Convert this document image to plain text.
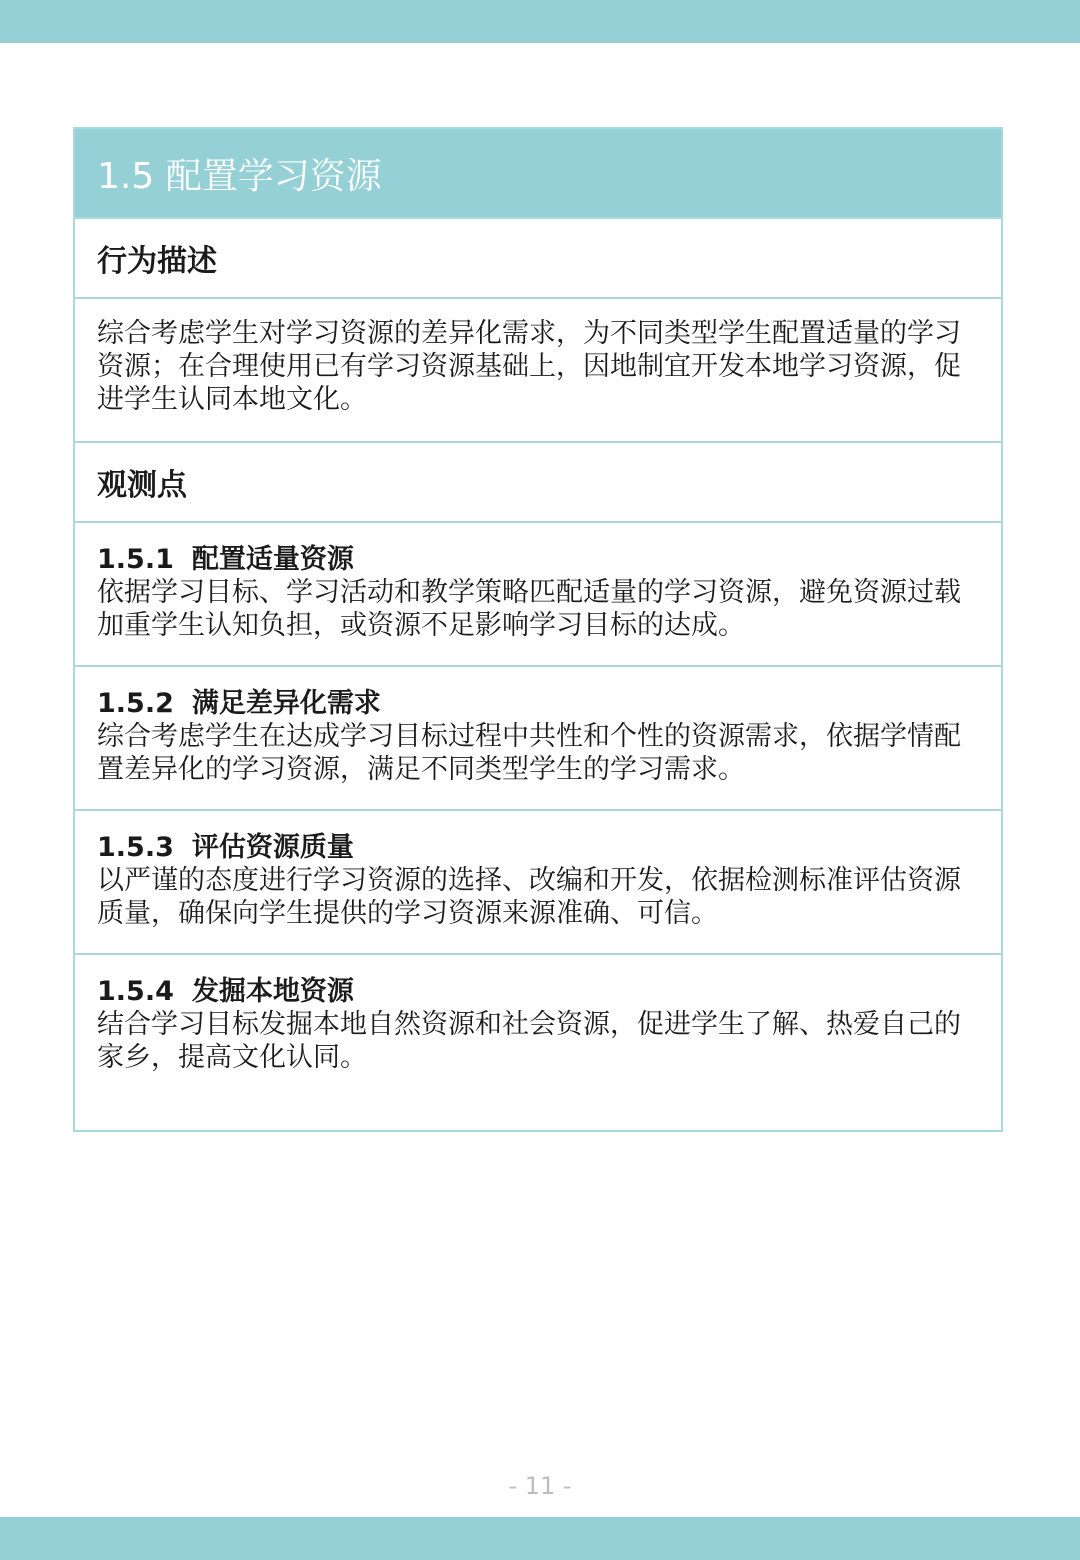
1.5 配置学习资源
行为描述
综合考虑学生对学习资源的差异化需求，为不同类型学生配置适量的学习资源；在合理使用已有学习资源基础上，因地制宜开发本地学习资源，促进学生认同本地文化。
观测点
1.5.1 配置适量资源
依据学习目标、学习活动和教学策略匹配适量的学习资源，避免资源过载加重学生认知负担，或资源不足影响学习目标的达成。
1.5.2 满足差异化需求
综合考虑学生在达成学习目标过程中共性和个性的资源需求，依据学情配置差异化的学习资源，满足不同类型学生的学习需求。
1.5.3 评估资源质量
以严谨的态度进行学习资源的选择、改编和开发，依据检测标准评估资源质量，确保向学生提供的学习资源来源准确、可信。
1.5.4 发掘本地资源
结合学习目标发掘本地自然资源和社会资源，促进学生了解、热爱自己的家乡，提高文化认同。
- 11 -
